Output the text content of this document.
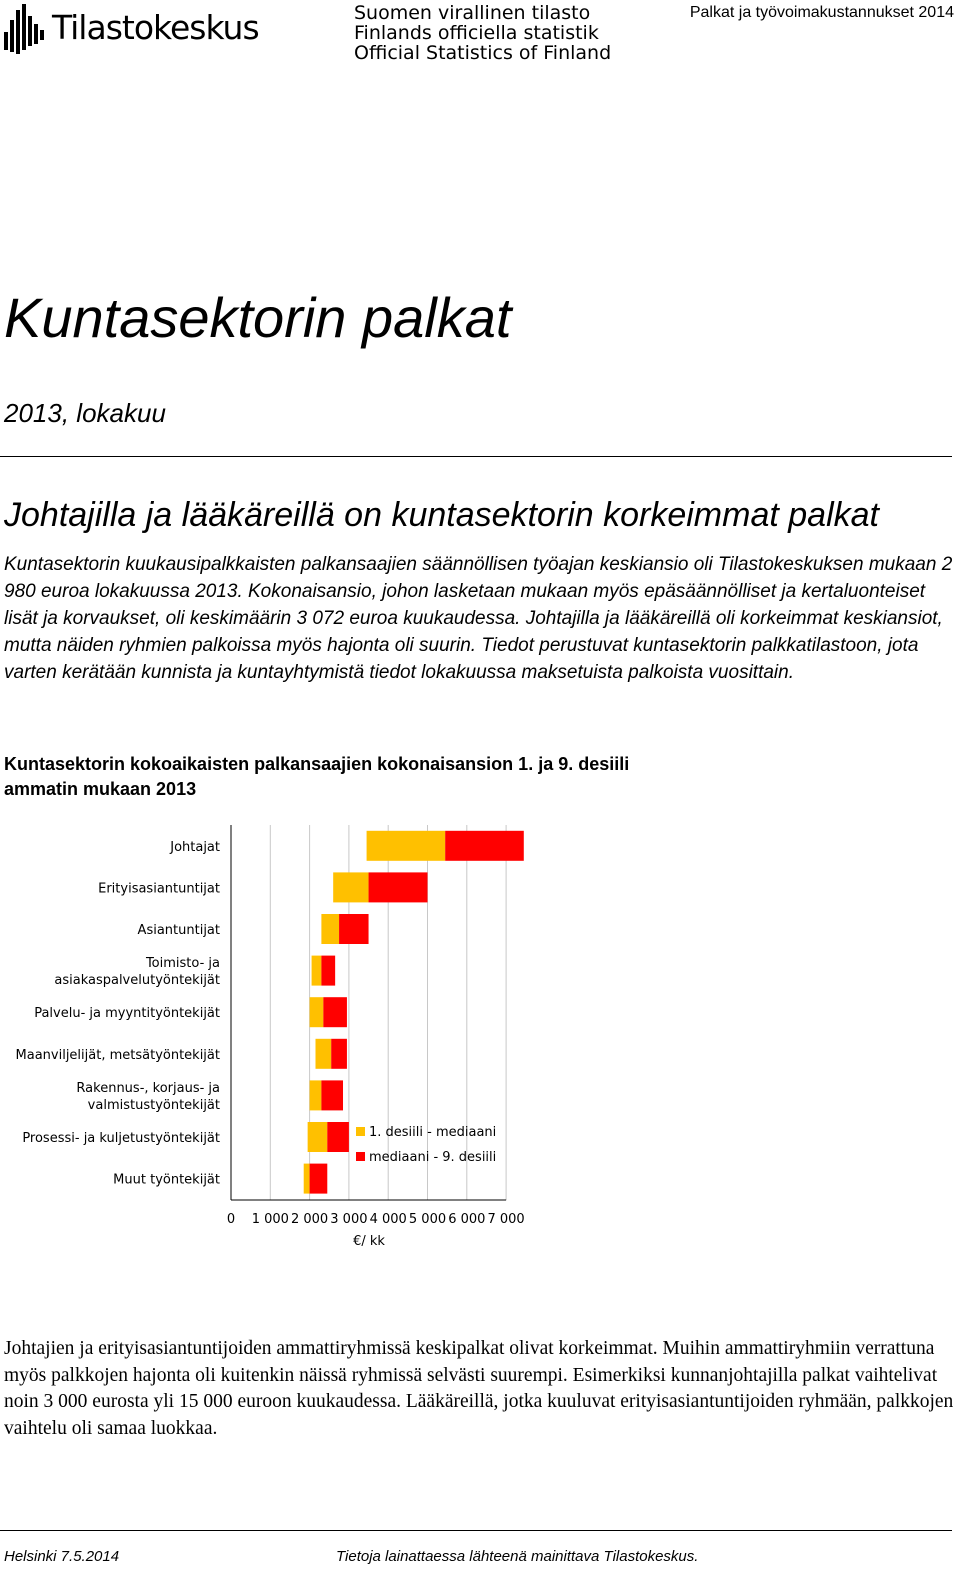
Tilastokeskus	Suomen virallinen tilasto
Finlands officiella statistik
Official Statistics of Finland
Palkat ja työvoimakustannukset 2014
Kuntasektorin palkat
2013, lokakuu
Johtajilla ja lääkäreillä on kuntasektorin korkeimmat palkat
Kuntasektorin kuukausipalkkaisten palkansaajien säännöllisen työajan keskiansio oli Tilastokeskuksen mukaan 2 980 euroa lokakuussa 2013. Kokonaisansio, johon lasketaan mukaan myös epäsäännölliset ja kertaluonteiset lisät ja korvaukset, oli keskimäärin 3 072 euroa kuukaudessa. Johtajilla ja lääkäreillä oli korkeimmat keskiansiot, mutta näiden ryhmien palkoissa myös hajonta oli suurin. Tiedot perustuvat kuntasektorin palkkatilastoon, jota varten kerätään kunnista ja kuntayhtymistä tiedot lokakuussa maksetuista palkoista vuosittain.
Kuntasektorin kokoaikaisten palkansaajien kokonaisansion 1. ja 9. desiili ammatin mukaan 2013
Johtajat
Erityisasiantuntijat
Asiantuntijat
Toimisto- ja
asiakaspalvelutyöntekijät
Palvelu- ja myyntityöntekijät
Maanviljelijät, metsätyöntekijät
Rakennus-, korjaus- ja
valmistustyöntekijät
Prosessi- ja kuljetustyöntekijät
Muut työntekijät
0 1 000 2 000 3 000 4 000 5 000 6 000 7 000
€/ kk
1. desiili - mediaani
mediaani - 9. desiili
Johtajien ja erityisasiantuntijoiden ammattiryhmissä keskipalkat olivat korkeimmat. Muihin ammattiryhmiin verrattuna myös palkkojen hajonta oli kuitenkin näissä ryhmissä selvästi suurempi. Esimerkiksi kunnanjohtajilla palkat vaihtelivat noin 3 000 eurosta yli 15 000 euroon kuukaudessa. Lääkäreillä, jotka kuuluvat erityisasiantuntijoiden ryhmään, palkkojen vaihtelu oli samaa luokkaa.
Helsinki 7.5.2014	Tietoja lainattaessa lähteenä mainittava Tilastokeskus.
